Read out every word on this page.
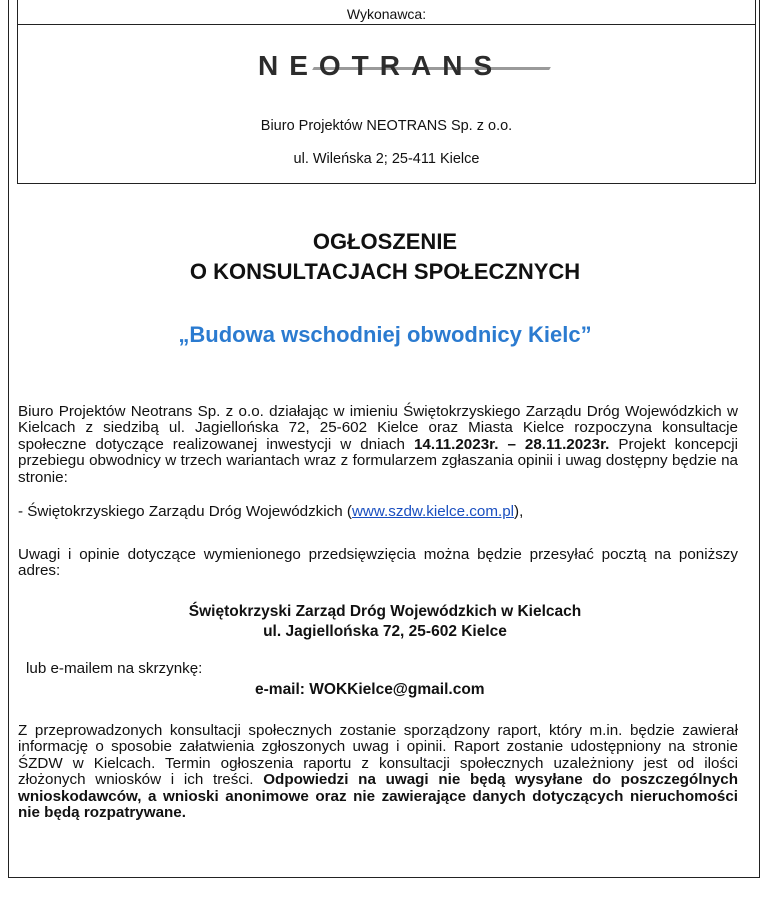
Wykonawca:
NEOTRANS
Biuro Projektów NEOTRANS Sp. z o.o.
ul. Wileńska 2; 25-411 Kielce
OGŁOSZENIE
O KONSULTACJACH SPOŁECZNYCH
„Budowa wschodniej obwodnicy Kielc”
Biuro Projektów Neotrans Sp. z o.o. działając w imieniu Świętokrzyskiego Zarządu Dróg Wojewódzkich w Kielcach z siedzibą ul. Jagiellońska 72, 25-602 Kielce oraz Miasta Kielce rozpoczyna konsultacje społeczne dotyczące realizowanej inwestycji w dniach 14.11.2023r. – 28.11.2023r. Projekt koncepcji przebiegu obwodnicy w trzech wariantach wraz z formularzem zgłaszania opinii i uwag dostępny będzie na stronie:
- Świętokrzyskiego Zarządu Dróg Wojewódzkich (www.szdw.kielce.com.pl),
Uwagi i opinie dotyczące wymienionego przedsięwzięcia można będzie przesyłać pocztą na poniższy adres:
Świętokrzyski Zarząd Dróg Wojewódzkich w Kielcach
ul. Jagiellońska 72, 25-602 Kielce
lub e-mailem na skrzynkę:
e-mail: WOKKielce@gmail.com
Z przeprowadzonych konsultacji społecznych zostanie sporządzony raport, który m.in. będzie zawierał informację o sposobie załatwienia zgłoszonych uwag i opinii. Raport zostanie udostępniony na stronie ŚZDW w Kielcach. Termin ogłoszenia raportu z konsultacji społecznych uzależniony jest od ilości złożonych wniosków i ich treści. Odpowiedzi na uwagi nie będą wysyłane do poszczególnych wnioskodawców, a wnioski anonimowe oraz nie zawierające danych dotyczących nieruchomości nie będą rozpatrywane.
